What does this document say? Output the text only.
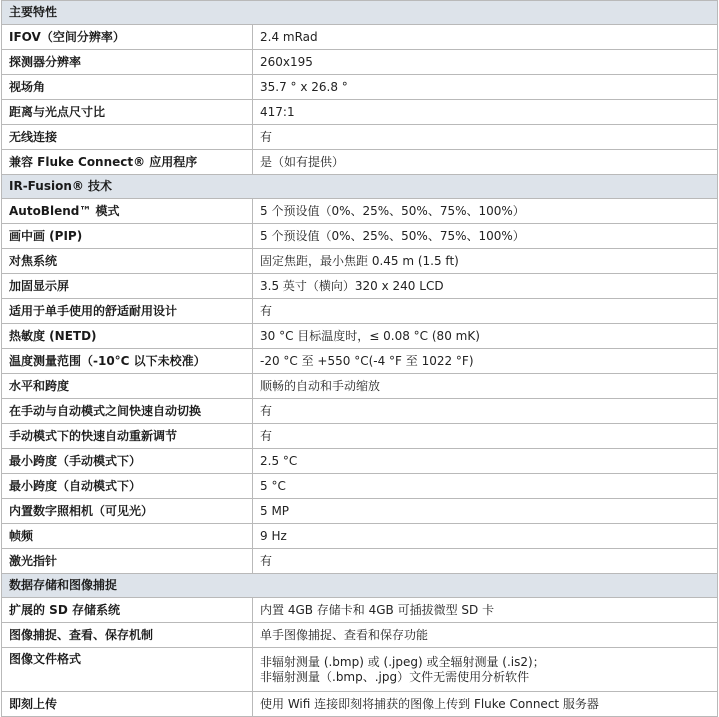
主要特性	
IFOV（空间分辨率）	2.4 mRad
探测器分辨率	260x195
视场角	35.7 ° x 26.8 °
距离与光点尺寸比	417:1
无线连接	有
兼容 Fluke Connect® 应用程序	是（如有提供）
IR-Fusion® 技术	
AutoBlend™ 模式	5 个预设值（0%、25%、50%、75%、100%）
画中画 (PIP)	5 个预设值（0%、25%、50%、75%、100%）
对焦系统	固定焦距，最小焦距 0.45 m (1.5 ft)
加固显示屏	3.5 英寸（横向）320 x 240 LCD
适用于单手使用的舒适耐用设计	有
热敏度 (NETD)	30 °C 目标温度时，≤ 0.08 °C (80 mK)
温度测量范围（-10°C 以下未校准）	-20 °C 至 +550 °C(-4 °F 至 1022 °F)
水平和跨度	顺畅的自动和手动缩放
在手动与自动模式之间快速自动切换	有
手动模式下的快速自动重新调节	有
最小跨度（手动模式下）	2.5 °C
最小跨度（自动模式下）	5 °C
内置数字照相机（可见光）	5 MP
帧频	9 Hz
激光指针	有
数据存储和图像捕捉	
扩展的 SD 存储系统	内置 4GB 存储卡和 4GB 可插拔微型 SD 卡
图像捕捉、查看、保存机制	单手图像捕捉、查看和保存功能
图像文件格式	非辐射测量 (.bmp) 或 (.jpeg) 或全辐射测量 (.is2)；
非辐射测量（.bmp、.jpg）文件无需使用分析软件

即刻上传	使用 Wifi 连接即刻将捕获的图像上传到 Fluke Connect 服务器
